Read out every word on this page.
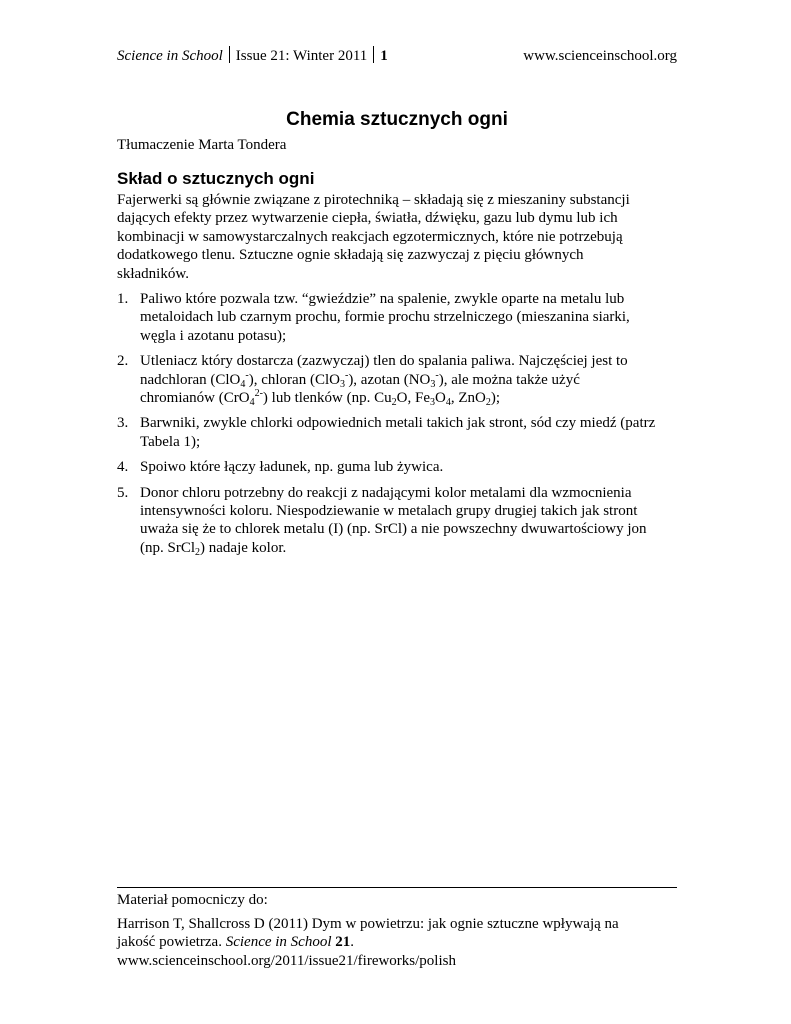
Science in School Issue 21: Winter 2011 1	www.scienceinschool.org
Chemia sztucznych ogni
Tłumaczenie Marta Tondera
Skład o sztucznych ogni

Fajerwerki są głównie związane z pirotechniką – składają się z mieszaniny substancji
dających efekty przez wytwarzenie ciepła, światła, dźwięku, gazu lub dymu lub ich
kombinacji w samowystarczalnych reakcjach egzotermicznych, które nie potrzebują
dodatkowego tlenu. Sztuczne ognie składają się zazwyczaj z pięciu głównych
składników.

1. Paliwo które pozwala tzw. “gwieździe” na spalenie, zwykle oparte na metalu lub
metaloidach lub czarnym prochu, formie prochu strzelniczego (mieszanina siarki,
węgla i azotanu potasu);
2. Utleniacz który dostarcza (zazwyczaj) tlen do spalania paliwa. Najczęściej jest to
nadchloran (ClO$_4$-), chloran (ClO$_3$-), azotan $(NO_3^-)$, ale można także użyć
chromianów (CrO$_4^{2-}$) lub tlenków (np. $Cu_2O$, $Fe_3O_4$, ZnO$_2$);
3. Barwniki, zwykle chlorki odpowiednich metali takich jak stront, sód czy miedź (patrz
Tabela 1);
4. Spoiwo które łączy ładunek, np. guma lub żywica.
5. Donor chloru potrzebny do reakcji z nadającymi kolor metalami dla wzmocnienia
intensywności koloru. Niespodziewanie w metalach grupy drugiej takich jak stront
uważa się że to chlorek metalu (I) (np. SrCl) a nie powszechny dwuwartościowy jon
(np. SrCl$_2$) nadaje kolor.
Materiał pomocniczy do:
Harrison T, Shallcross D (2011) Dym w powietrzu: jak ognie sztuczne wpływają na
jakość powietrza. Science in School 21.
www.scienceinschool.org/2011/issue21/fireworks/polish
